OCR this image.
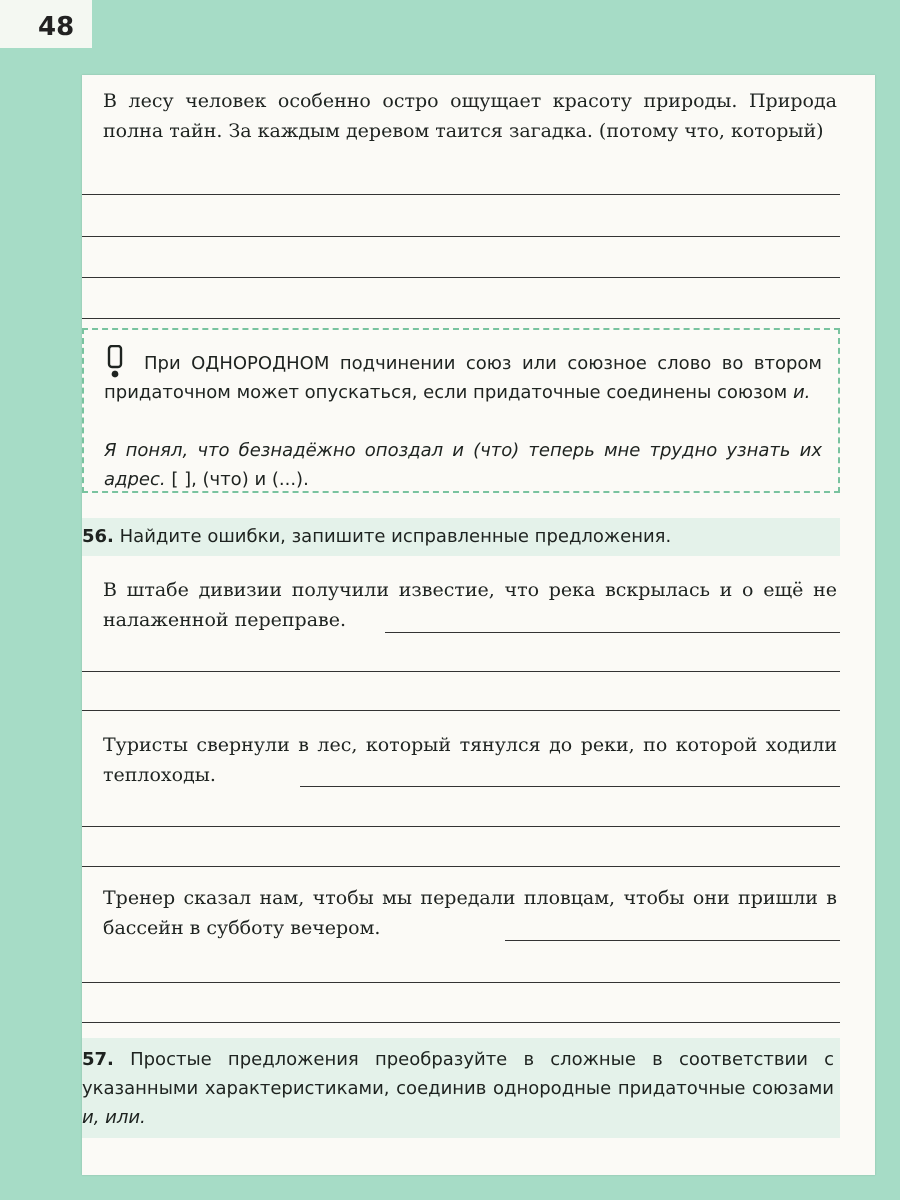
48
В лесу человек особенно остро ощущает красоту природы. Природа полна тайн. За каждым деревом таится загадка. (потому что, который)
При ОДНОРОДНОМ подчинении союз или союзное слово во втором придаточном может опускаться, если придаточные соединены союзом и.
Я понял, что безнадёжно опоздал и (что) теперь мне трудно узнать их адрес. [ ], (что) и (...).
56. Найдите ошибки, запишите исправленные предложения.
В штабе дивизии получили известие, что река вскрылась и о ещё не налаженной переправе.
Туристы свернули в лес, который тянулся до реки, по которой ходили теплоходы.
Тренер сказал нам, чтобы мы передали пловцам, чтобы они пришли в бассейн в субботу вечером.
57. Простые предложения преобразуйте в сложные в соответствии с указанными характеристиками, соединив однородные придаточные союзами и, или.
